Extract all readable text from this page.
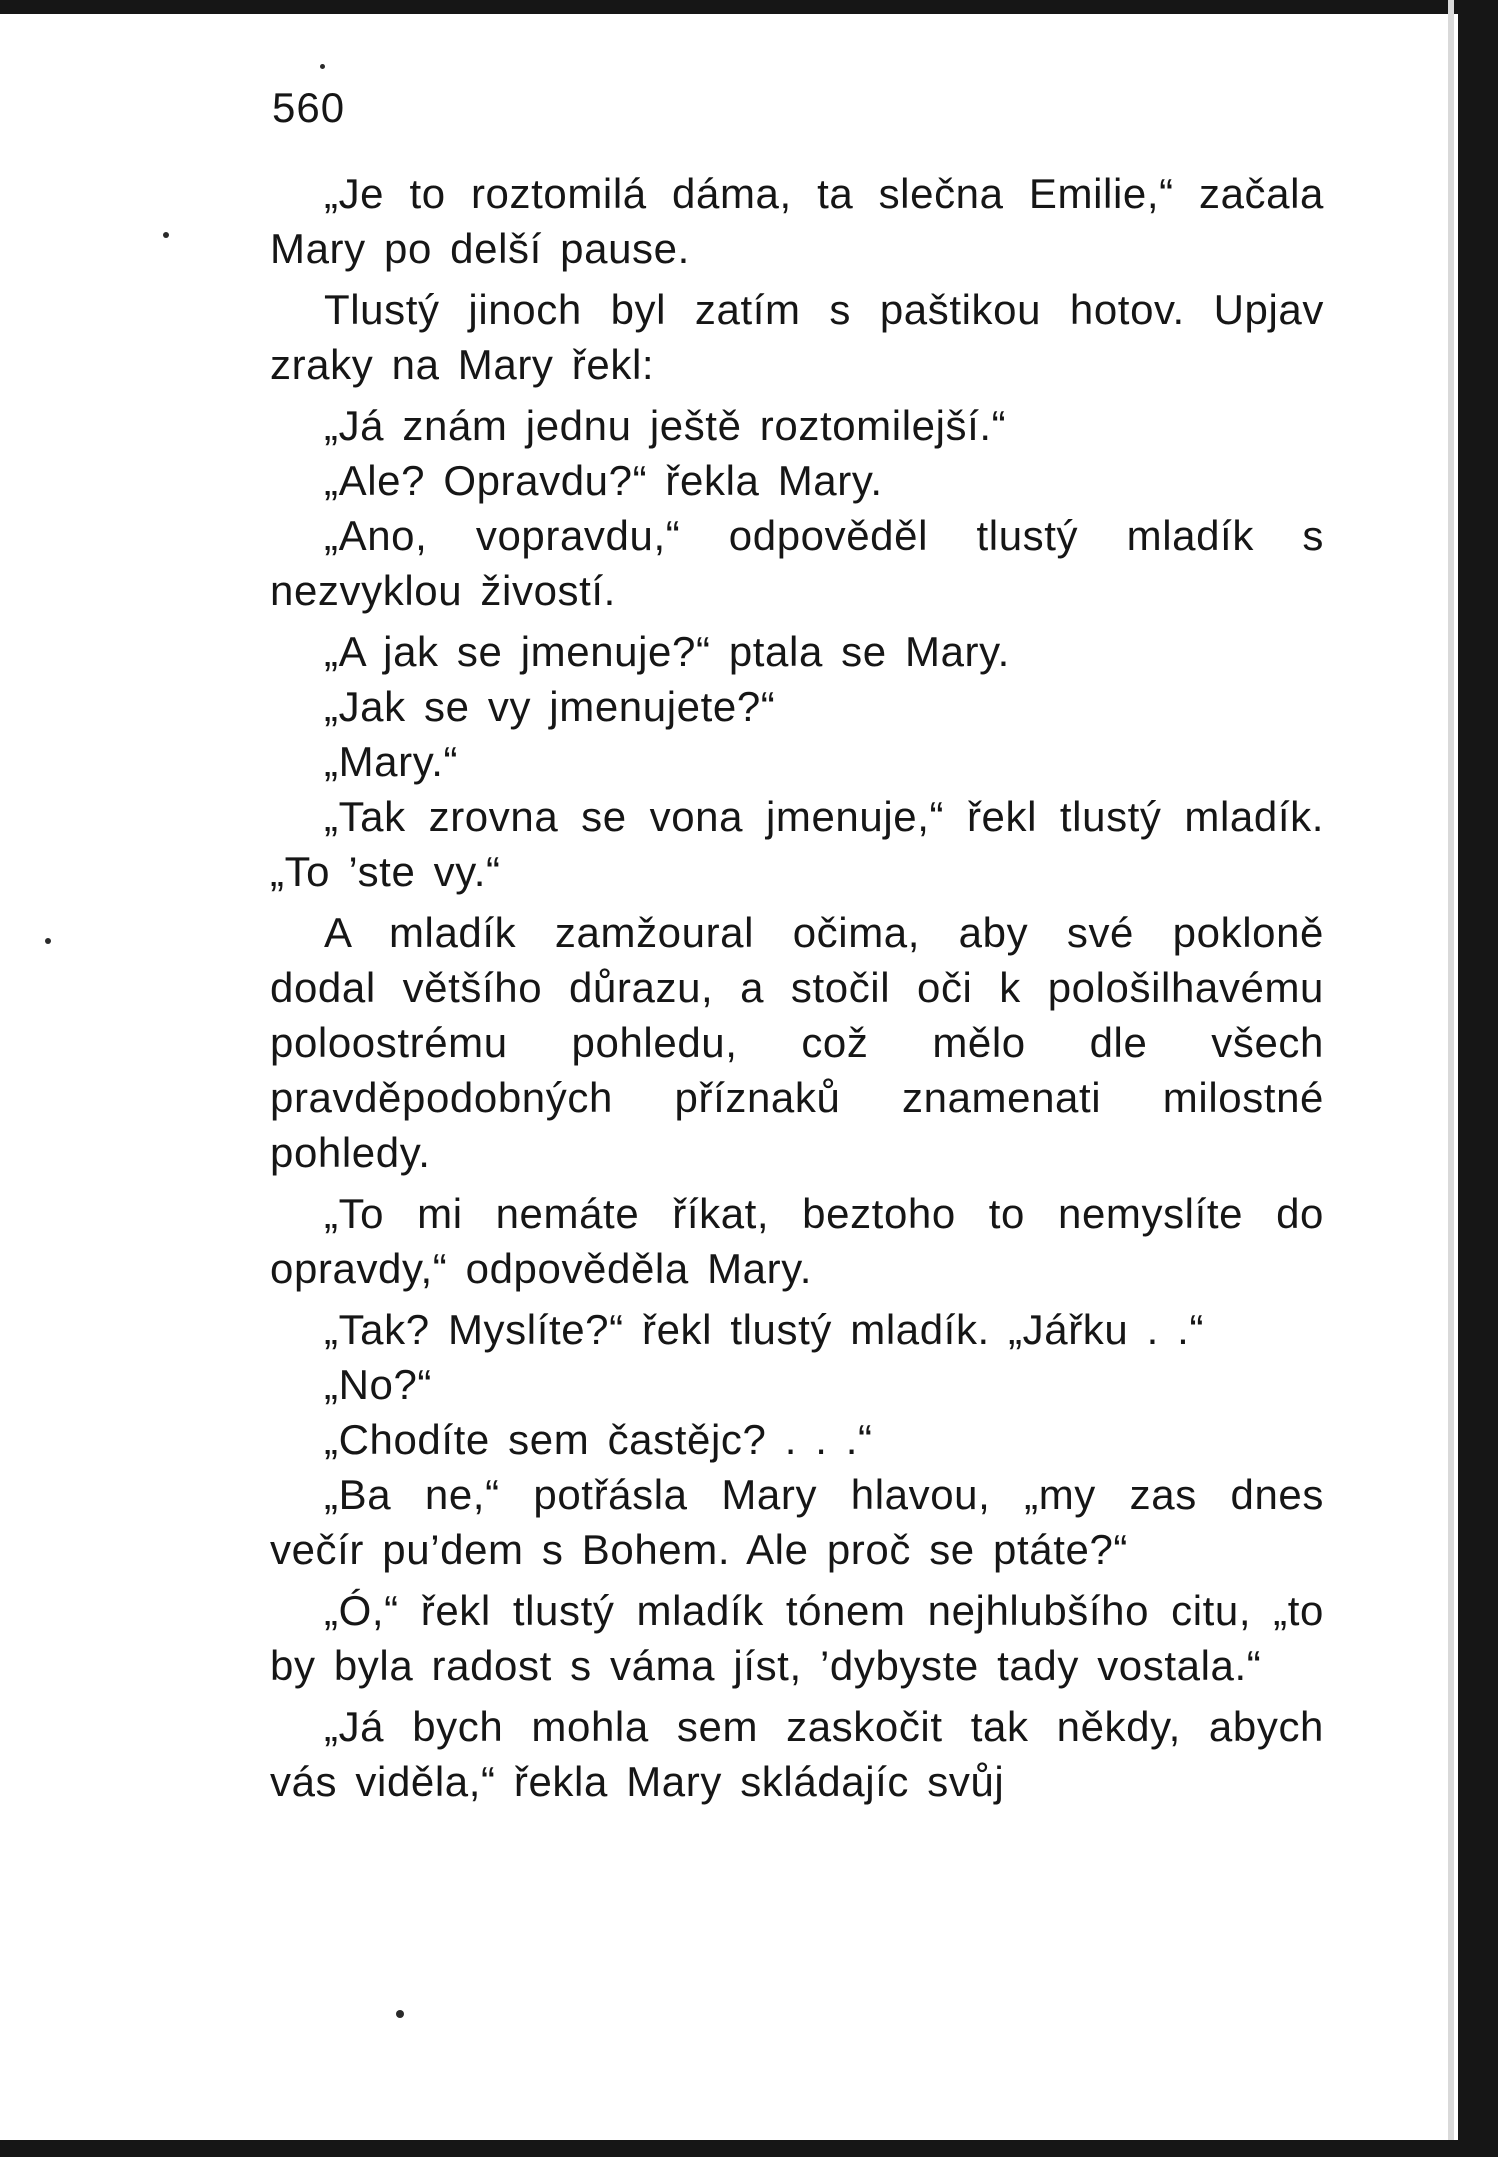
560

„Je to roztomilá dáma, ta slečna Emilie,“ začala Mary po delší pause.

Tlustý jinoch byl zatím s paštikou hotov. Upjav zraky na Mary řekl:

„Já znám jednu ještě roztomilejší.“

„Ale? Opravdu?“ řekla Mary.

„Ano, vopravdu,“ odpověděl tlustý mladík s nezvyklou živostí.

„A jak se jmenuje?“ ptala se Mary.

„Jak se vy jmenujete?“

„Mary.“

„Tak zrovna se vona jmenuje,“ řekl tlustý mladík. „To ’ste vy.“

A mladík zamžoural očima, aby své pokloně dodal většího důrazu, a stočil oči k pološilhavému poloostrému pohledu, což mělo dle všech pravděpodobných příznaků znamenati milostné pohledy.

„To mi nemáte říkat, beztoho to nemyslíte do opravdy,“ odpověděla Mary.

„Tak? Myslíte?“ řekl tlustý mladík. „Jářku . .“

„No?“

„Chodíte sem častějc? . . .“

„Ba ne,“ potřásla Mary hlavou, „my zas dnes večír pu’dem s Bohem. Ale proč se ptáte?“

„Ó,“ řekl tlustý mladík tónem nejhlubšího citu, „to by byla radost s váma jíst, ’dybyste tady vostala.“

„Já bych mohla sem zaskočit tak někdy, abych vás viděla,“ řekla Mary skládajíc svůj
